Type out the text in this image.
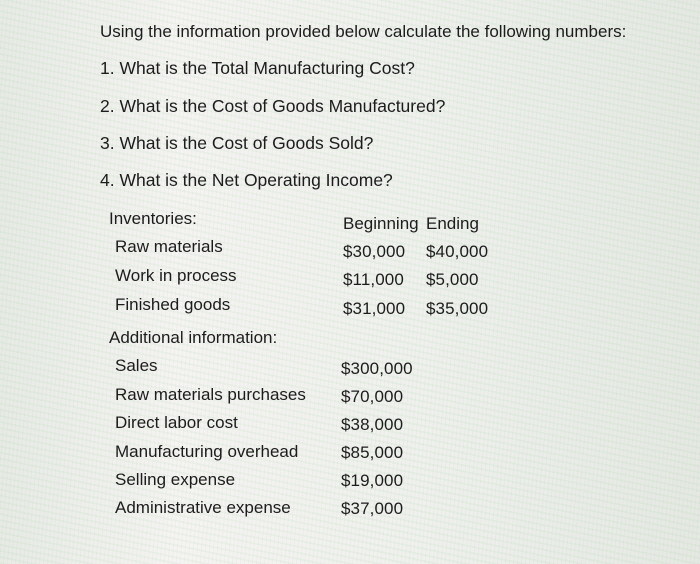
Using the information provided below calculate the following numbers:
1. What is the Total Manufacturing Cost?
2. What is the Cost of Goods Manufactured?
3. What is the Cost of Goods Sold?
4. What is the Net Operating Income?
Inventories:	Beginning Ending
Raw materials	$30,000 $40,000
Work in process	$11,000 $5,000
Finished goods	$31,000 $35,000
Additional information:
Sales	$300,000
Raw materials purchases $70,000
Direct labor cost	$38,000
Manufacturing overhead	$85,000
Selling expense	$19,000
Administrative expense	$37,000
